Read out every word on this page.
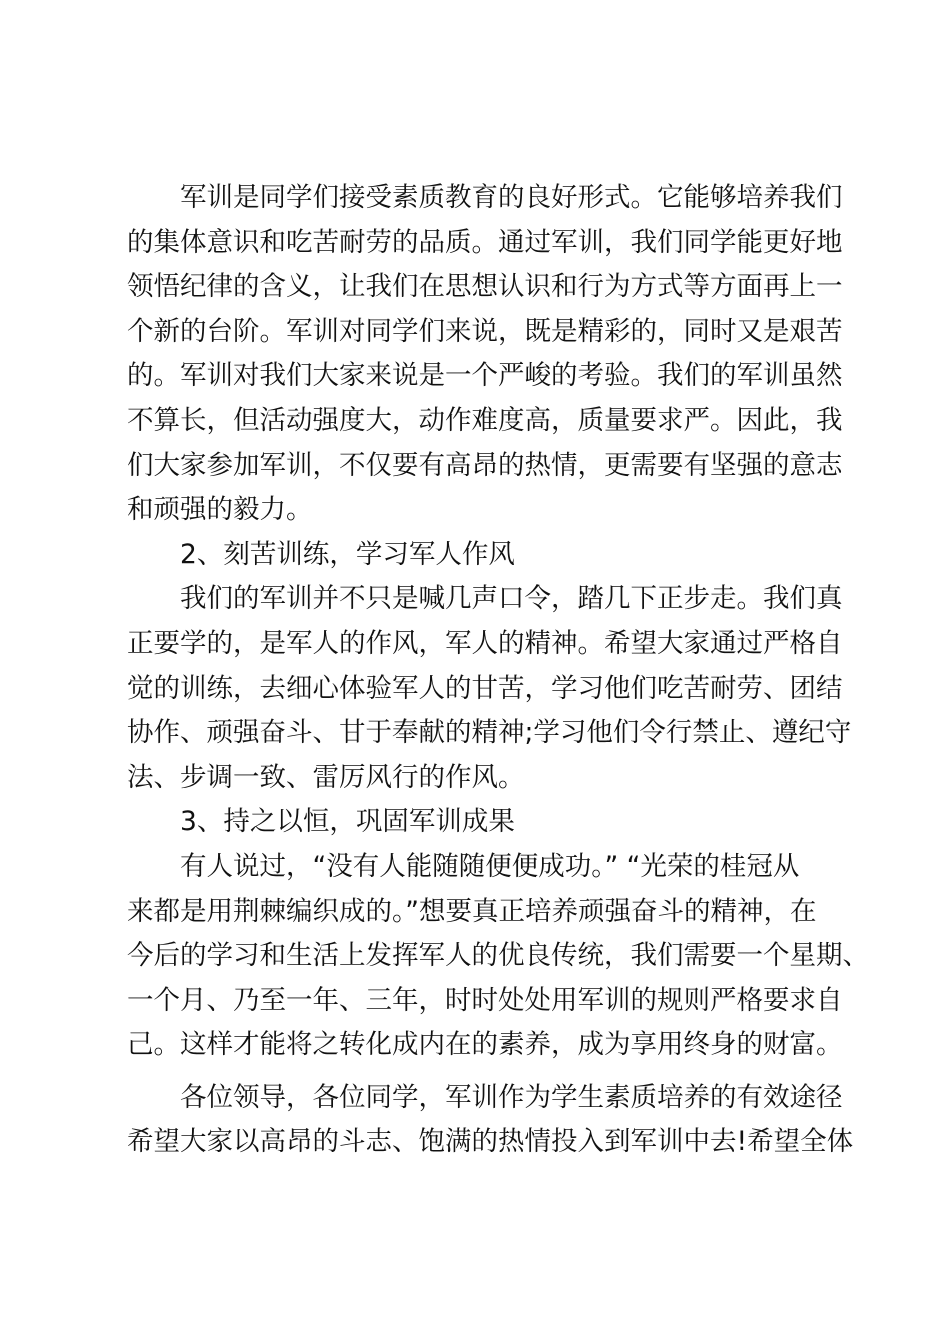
军训是同学们接受素质教育的良好形式。它能够培养我们
的集体意识和吃苦耐劳的品质。通过军训，我们同学能更好地
领悟纪律的含义，让我们在思想认识和行为方式等方面再上一
个新的台阶。军训对同学们来说，既是精彩的，同时又是艰苦
的。军训对我们大家来说是一个严峻的考验。我们的军训虽然
不算长，但活动强度大，动作难度高，质量要求严。因此，我
们大家参加军训，不仅要有高昂的热情，更需要有坚强的意志
和顽强的毅力。
2、刻苦训练，学习军人作风
我们的军训并不只是喊几声口令，踏几下正步走。我们真
正要学的，是军人的作风，军人的精神。希望大家通过严格自
觉的训练，去细心体验军人的甘苦，学习他们吃苦耐劳、团结
协作、顽强奋斗、甘于奉献的精神;学习他们令行禁止、遵纪守
法、步调一致、雷厉风行的作风。
3、持之以恒，巩固军训成果
有人说过，“没有人能随随便便成功。” “光荣的桂冠从
来都是用荆棘编织成的。”想要真正培养顽强奋斗的精神，在
今后的学习和生活上发挥军人的优良传统，我们需要一个星期、
一个月、乃至一年、三年，时时处处用军训的规则严格要求自
己。这样才能将之转化成内在的素养，成为享用终身的财富。
各位领导，各位同学，军训作为学生素质培养的有效途径
希望大家以高昂的斗志、饱满的热情投入到军训中去!希望全体
